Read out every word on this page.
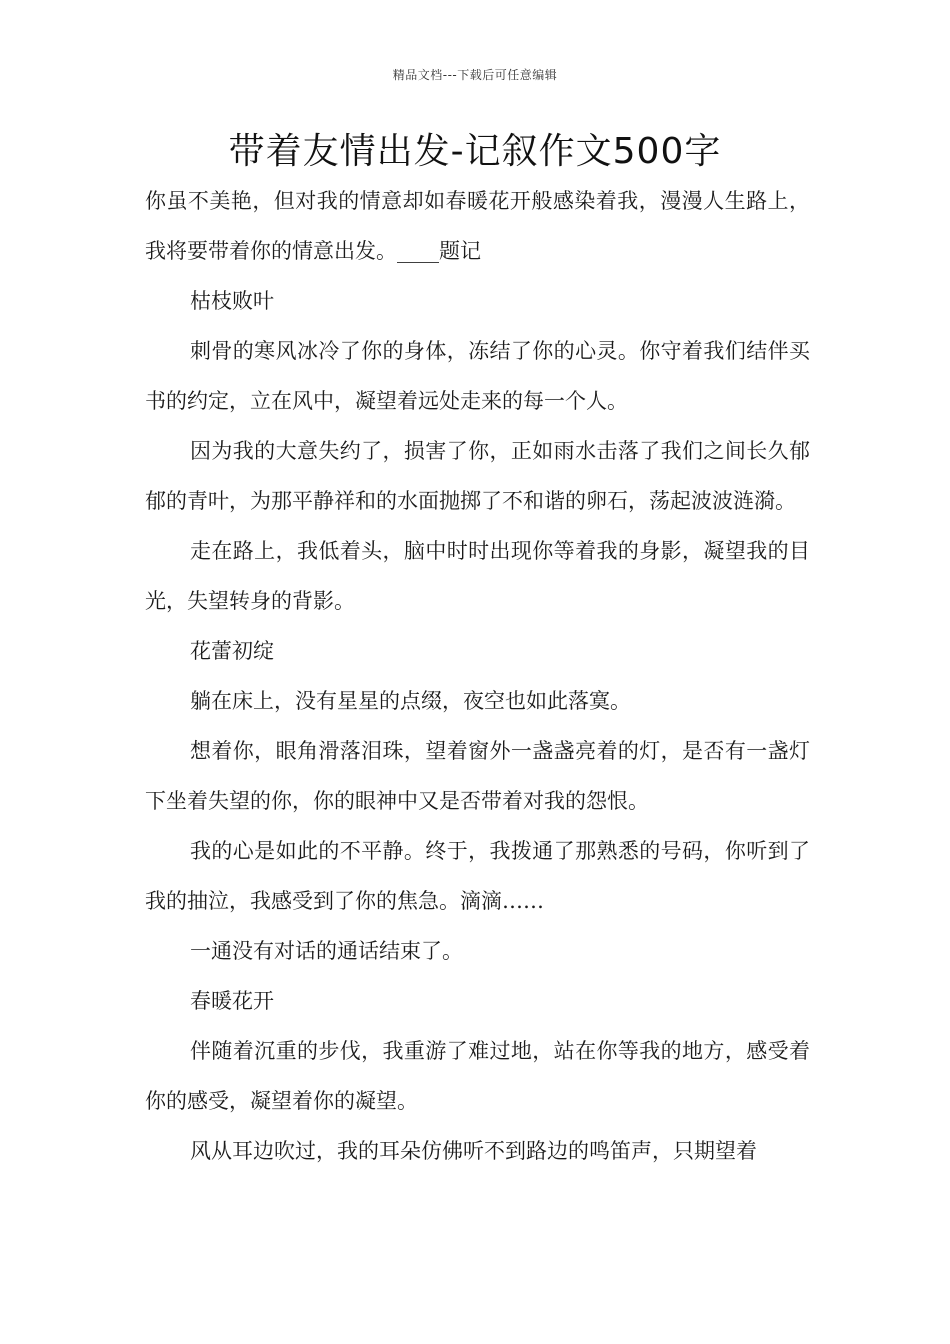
精品文档---下载后可任意编辑
带着友情出发-记叙作文500字

你虽不美艳，但对我的情意却如春暖花开般感染着我，漫漫人生路上，我将要带着你的情意出发。____题记

枯枝败叶

刺骨的寒风冰冷了你的身体，冻结了你的心灵。你守着我们结伴买书的约定，立在风中，凝望着远处走来的每一个人。

因为我的大意失约了，损害了你，正如雨水击落了我们之间长久郁郁的青叶，为那平静祥和的水面抛掷了不和谐的卵石，荡起波波涟漪。

走在路上，我低着头，脑中时时出现你等着我的身影，凝望我的目光，失望转身的背影。

花蕾初绽

躺在床上，没有星星的点缀，夜空也如此落寞。

想着你，眼角滑落泪珠，望着窗外一盏盏亮着的灯，是否有一盏灯下坐着失望的你，你的眼神中又是否带着对我的怨恨。

我的心是如此的不平静。终于，我拨通了那熟悉的号码，你听到了我的抽泣，我感受到了你的焦急。滴滴……

一通没有对话的通话结束了。

春暖花开

伴随着沉重的步伐，我重游了难过地，站在你等我的地方，感受着你的感受，凝望着你的凝望。

风从耳边吹过，我的耳朵仿佛听不到路边的鸣笛声，只期望着
